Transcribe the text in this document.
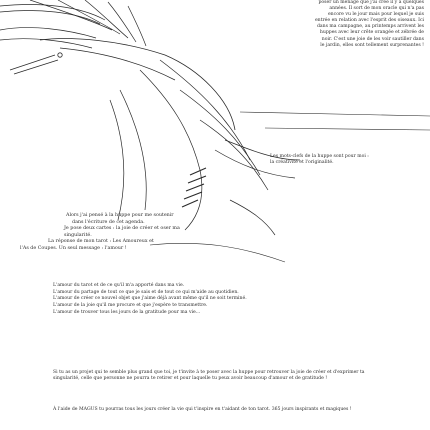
poser un ménage que j'ai créé il y a quelques

années. Il sort de mon oracle qui n'a pas

encore vu le jour mais pour lequel je suis

entrée en relation avec l'esprit des oiseaux. Ici

dans ma campagne, au printemps arrivent les

huppes avec leur crête orangée et zébrée de

noir. C'est une joie de les voir sautiller dans

le jardin, elles sont tellement surprenantes !

Les mots-clefs de la huppe sont pour moi :
la créativité et l'originalité.

Alors j'ai pensé à la huppe pour me soutenir

dans l'écriture de cet agenda.

Je pose deux cartes : la joie de créer et oser ma

singularité.

La réponse de mon tarot : Les Amoureux et

l'As de Coupes. Un seul message : l'amour !

L'amour du tarot et de ce qu'il m'a apporté dans ma vie.

L'amour du partage de tout ce que je sais et de tout ce qui m'aide au quotidien.

L'amour de créer ce nouvel objet que j'aime déjà avant même qu'il ne soit terminé.

L'amour de la joie qu'il me procure et que j'espère te transmettre.

L'amour de trouver tous les jours de la gratitude pour ma vie...

Si tu as un projet qui te semble plus grand que toi, je t'invite à te poser avec la huppe pour retrouver la joie de créer et d'exprimer ta singularité, celle que personne ne pourra te retirer et pour laquelle tu peux avoir beaucoup d'amour et de gratitude !

À l'aide de MAGUS tu pourras tous les jours créer la vie qui t'inspire en t'aidant de ton tarot. 365 jours inspirants et magiques !
